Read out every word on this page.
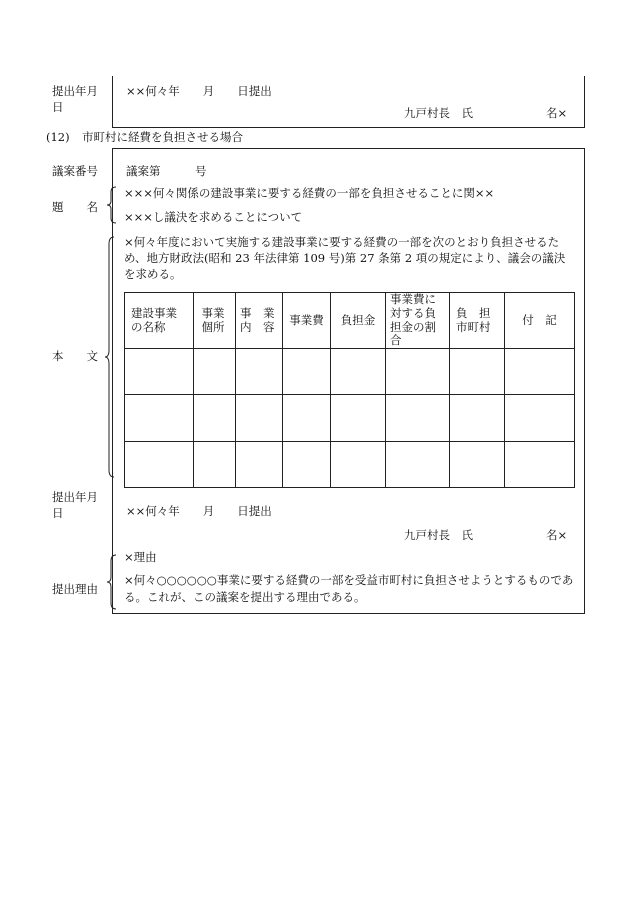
提出年月日
××何々年　　月　　日提出
九戸村長　氏	名×
(12) 市町村に経費を負担させる場合
議案番号	議案第　　　号
題　　名
×××何々関係の建設事業に要する経費の一部を負担させることに関××
×××し議決を求めることについて
本　　文
×何々年度において実施する建設事業に要する経費の一部を次のとおり負担させるため、地方財政法(昭和 23 年法律第 109 号)第 27 条第 2 項の規定により、議会の議決を求める。
建設事業の名称	事業個所	事　業内　容	事業費	負担金	事業費に対する負担金の割合	負　担市町村	付　記

提出年月日	××何々年　　月　　日提出
九戸村長　氏	名×
提出理由
×理由
×何々○○○○○○事業に要する経費の一部を受益市町村に負担させようとするものである。これが、この議案を提出する理由である。
